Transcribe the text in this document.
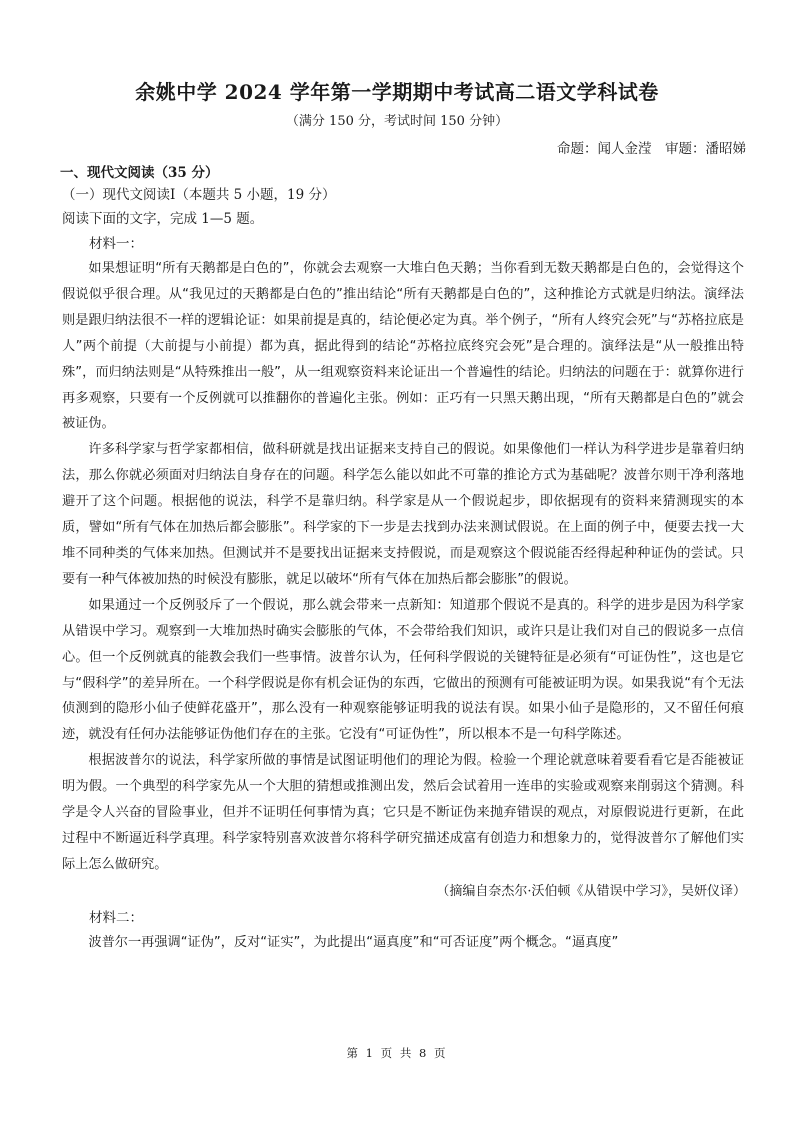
余姚中学 2024 学年第一学期期中考试高二语文学科试卷
（满分 150 分，考试时间 150 分钟）
命题：闻人金滢　审题：潘昭娣
一、现代文阅读（35 分）
（一）现代文阅读Ⅰ（本题共 5 小题，19 分）
阅读下面的文字，完成 1—5 题。
材料一：

如果想证明“所有天鹅都是白色的”，你就会去观察一大堆白色天鹅；当你看到无数天鹅都是白色的，会觉得这个假说似乎很合理。从“我见过的天鹅都是白色的”推出结论“所有天鹅都是白色的”，这种推论方式就是归纳法。演绎法则是跟归纳法很不一样的逻辑论证：如果前提是真的，结论便必定为真。举个例子，“所有人终究会死”与“苏格拉底是人”两个前提（大前提与小前提）都为真，据此得到的结论“苏格拉底终究会死”是合理的。演绎法是“从一般推出特殊”，而归纳法则是“从特殊推出一般”，从一组观察资料来论证出一个普遍性的结论。归纳法的问题在于：就算你进行再多观察，只要有一个反例就可以推翻你的普遍化主张。例如：正巧有一只黑天鹅出现，“所有天鹅都是白色的”就会被证伪。

许多科学家与哲学家都相信，做科研就是找出证据来支持自己的假说。如果像他们一样认为科学进步是靠着归纳法，那么你就必须面对归纳法自身存在的问题。科学怎么能以如此不可靠的推论方式为基础呢？波普尔则干净利落地避开了这个问题。根据他的说法，科学不是靠归纳。科学家是从一个假说起步，即依据现有的资料来猜测现实的本质，譬如“所有气体在加热后都会膨胀”。科学家的下一步是去找到办法来测试假说。在上面的例子中，便要去找一大堆不同种类的气体来加热。但测试并不是要找出证据来支持假说，而是观察这个假说能否经得起种种证伪的尝试。只要有一种气体被加热的时候没有膨胀，就足以破坏“所有气体在加热后都会膨胀”的假说。

如果通过一个反例驳斥了一个假说，那么就会带来一点新知：知道那个假说不是真的。科学的进步是因为科学家从错误中学习。观察到一大堆加热时确实会膨胀的气体，不会带给我们知识，或许只是让我们对自己的假说多一点信心。但一个反例就真的能教会我们一些事情。波普尔认为，任何科学假说的关键特征是必须有“可证伪性”，这也是它与“假科学”的差异所在。一个科学假说是你有机会证伪的东西，它做出的预测有可能被证明为误。如果我说“有个无法侦测到的隐形小仙子使鲜花盛开”，那么没有一种观察能够证明我的说法有误。如果小仙子是隐形的，又不留任何痕迹，就没有任何办法能够证伪他们存在的主张。它没有“可证伪性”，所以根本不是一句科学陈述。

根据波普尔的说法，科学家所做的事情是试图证明他们的理论为假。检验一个理论就意味着要看看它是否能被证明为假。一个典型的科学家先从一个大胆的猜想或推测出发，然后会试着用一连串的实验或观察来削弱这个猜测。科学是令人兴奋的冒险事业，但并不证明任何事情为真；它只是不断证伪来抛弃错误的观点，对原假说进行更新，在此过程中不断逼近科学真理。科学家特别喜欢波普尔将科学研究描述成富有创造力和想象力的，觉得波普尔了解他们实际上怎么做研究。

（摘编自奈杰尔·沃伯顿《从错误中学习》，吴妍仪译）
材料二：

波普尔一再强调“证伪”，反对“证实”，为此提出“逼真度”和“可否证度”两个概念。“逼真度”

第 1 页 共 8 页
